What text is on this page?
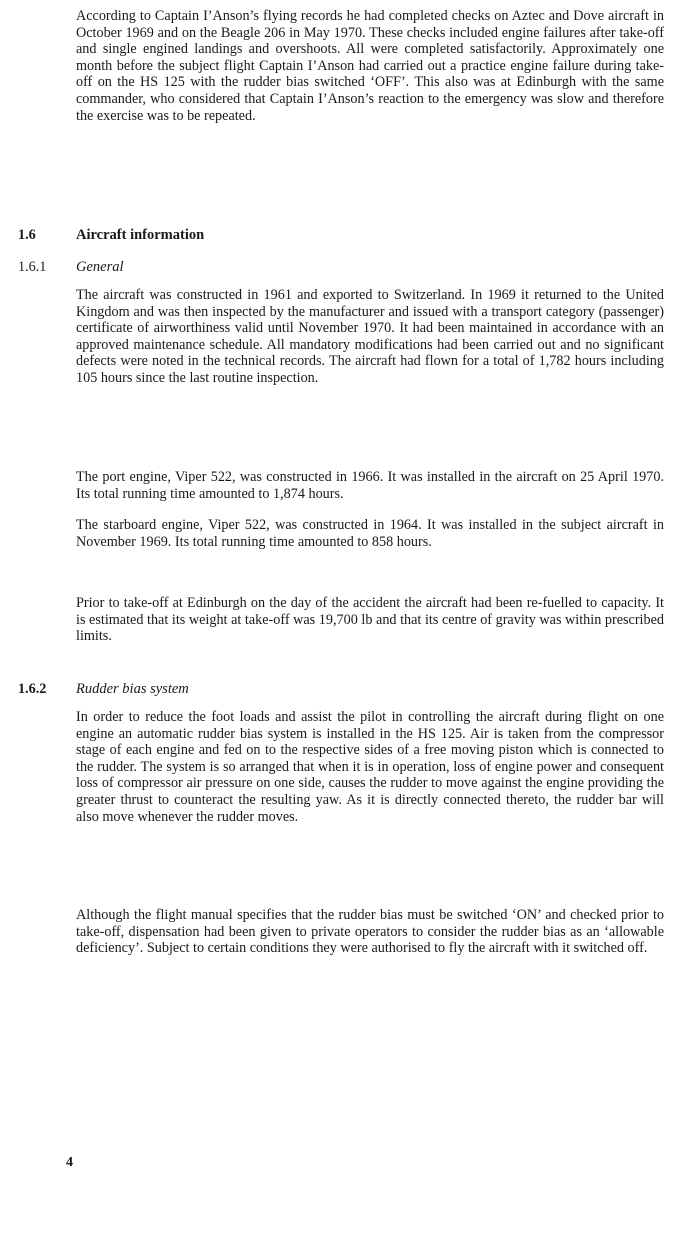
According to Captain I’Anson’s flying records he had completed checks on Aztec and Dove aircraft in October 1969 and on the Beagle 206 in May 1970. These checks included engine failures after take-off and single engined landings and overshoots. All were completed satisfactorily. Approximately one month before the subject flight Captain I’Anson had carried out a practice engine failure during take-off on the HS 125 with the rudder bias switched ‘OFF’. This also was at Edinburgh with the same commander, who considered that Captain I’Anson’s reaction to the emergency was slow and therefore the exercise was to be repeated.

1.6	Aircraft information

1.6.1 General

The aircraft was constructed in 1961 and exported to Switzerland. In 1969 it returned to the United Kingdom and was then inspected by the manufacturer and issued with a transport category (passenger) certificate of airworthiness valid until November 1970. It had been maintained in accordance with an approved maintenance schedule. All mandatory modifications had been carried out and no significant defects were noted in the technical records. The aircraft had flown for a total of 1,782 hours including 105 hours since the last routine inspection.

The port engine, Viper 522, was constructed in 1966. It was installed in the aircraft on 25 April 1970. Its total running time amounted to 1,874 hours.

The starboard engine, Viper 522, was constructed in 1964. It was installed in the subject aircraft in November 1969. Its total running time amounted to 858 hours.

Prior to take-off at Edinburgh on the day of the accident the aircraft had been re-fuelled to capacity. It is estimated that its weight at take-off was 19,700 lb and that its centre of gravity was within prescribed limits.

1.6.2 Rudder bias system

In order to reduce the foot loads and assist the pilot in controlling the aircraft during flight on one engine an automatic rudder bias system is installed in the HS 125. Air is taken from the compressor stage of each engine and fed on to the respective sides of a free moving piston which is connected to the rudder. The system is so arranged that when it is in operation, loss of engine power and consequent loss of compressor air pressure on one side, causes the rudder to move against the engine providing the greater thrust to counteract the resulting yaw. As it is directly connected thereto, the rudder bar will also move whenever the rudder moves.

Although the flight manual specifies that the rudder bias must be switched ‘ON’ and checked prior to take-off, dispensation had been given to private operators to consider the rudder bias as an ‘allowable deficiency’. Subject to certain conditions they were authorised to fly the aircraft with it switched off.

4
